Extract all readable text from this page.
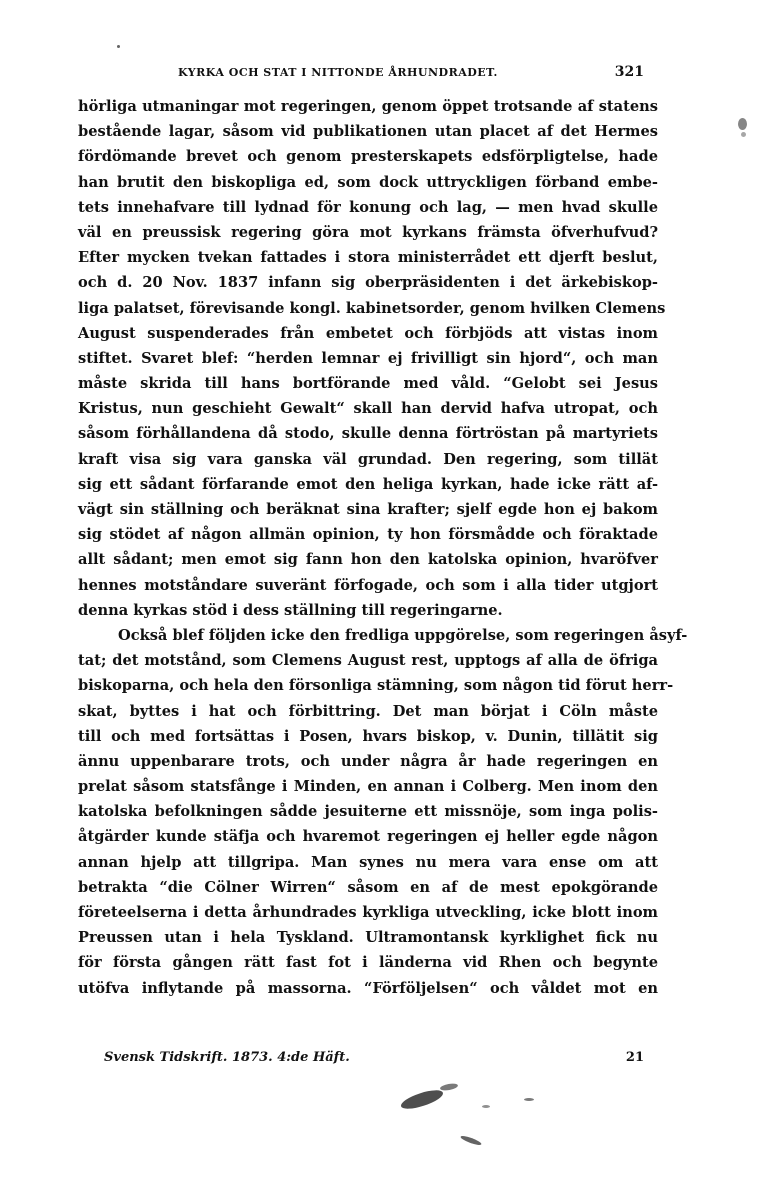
KYRKA OCH STAT I NITTONDE ÅRHUNDRADET.	321
hörliga utmaningar mot regeringen, genom öppet trotsande af statens
bestående lagar, såsom vid publikationen utan placet af det Hermes
fördömande brevet och genom presterskapets edsförpligtelse, hade
han brutit den biskopliga ed, som dock uttryckligen förband embe-
tets innehafvare till lydnad för konung och lag, — men hvad skulle
väl en preussisk regering göra mot kyrkans främsta öfverhufvud?
Efter mycken tvekan fattades i stora ministerrådet ett djerft beslut,
och d. 20 Nov. 1837 infann sig oberpräsidenten i det ärkebiskop-
liga palatset, förevisande kongl. kabinetsorder, genom hvilken Clemens
August suspenderades från embetet och förbjöds att vistas inom
stiftet. Svaret blef: “herden lemnar ej frivilligt sin hjord“, och man
måste skrida till hans bortförande med våld. “Gelobt sei Jesus
Kristus, nun geschieht Gewalt“ skall han dervid hafva utropat, och
såsom förhållandena då stodo, skulle denna förtröstan på martyriets
kraft visa sig vara ganska väl grundad. Den regering, som tillät
sig ett sådant förfarande emot den heliga kyrkan, hade icke rätt af-
vägt sin ställning och beräknat sina krafter; sjelf egde hon ej bakom
sig stödet af någon allmän opinion, ty hon försmådde och föraktade
allt sådant; men emot sig fann hon den katolska opinion, hvaröfver
hennes motståndare suveränt förfogade, och som i alla tider utgjort
denna kyrkas stöd i dess ställning till regeringarne.
Också blef följden icke den fredliga uppgörelse, som regeringen åsyf-
tat; det motstånd, som Clemens August rest, upptogs af alla de öfriga
biskoparna, och hela den försonliga stämning, som någon tid förut herr-
skat, byttes i hat och förbittring. Det man börjat i Cöln måste
till och med fortsättas i Posen, hvars biskop, v. Dunin, tillätit sig
ännu uppenbarare trots, och under några år hade regeringen en
prelat såsom statsfånge i Minden, en annan i Colberg. Men inom den
katolska befolkningen sådde jesuiterne ett missnöje, som inga polis-
åtgärder kunde stäfja och hvaremot regeringen ej heller egde någon
annan hjelp att tillgripa. Man synes nu mera vara ense om att
betrakta “die Cölner Wirren“ såsom en af de mest epokgörande
företeelserna i detta århundrades kyrkliga utveckling, icke blott inom
Preussen utan i hela Tyskland. Ultramontansk kyrklighet fick nu
för första gången rätt fast fot i länderna vid Rhen och begynte
utöfva inflytande på massorna. “Förföljelsen“ och våldet mot en
Svensk Tidskrift. 1873. 4:de Häft.	21
